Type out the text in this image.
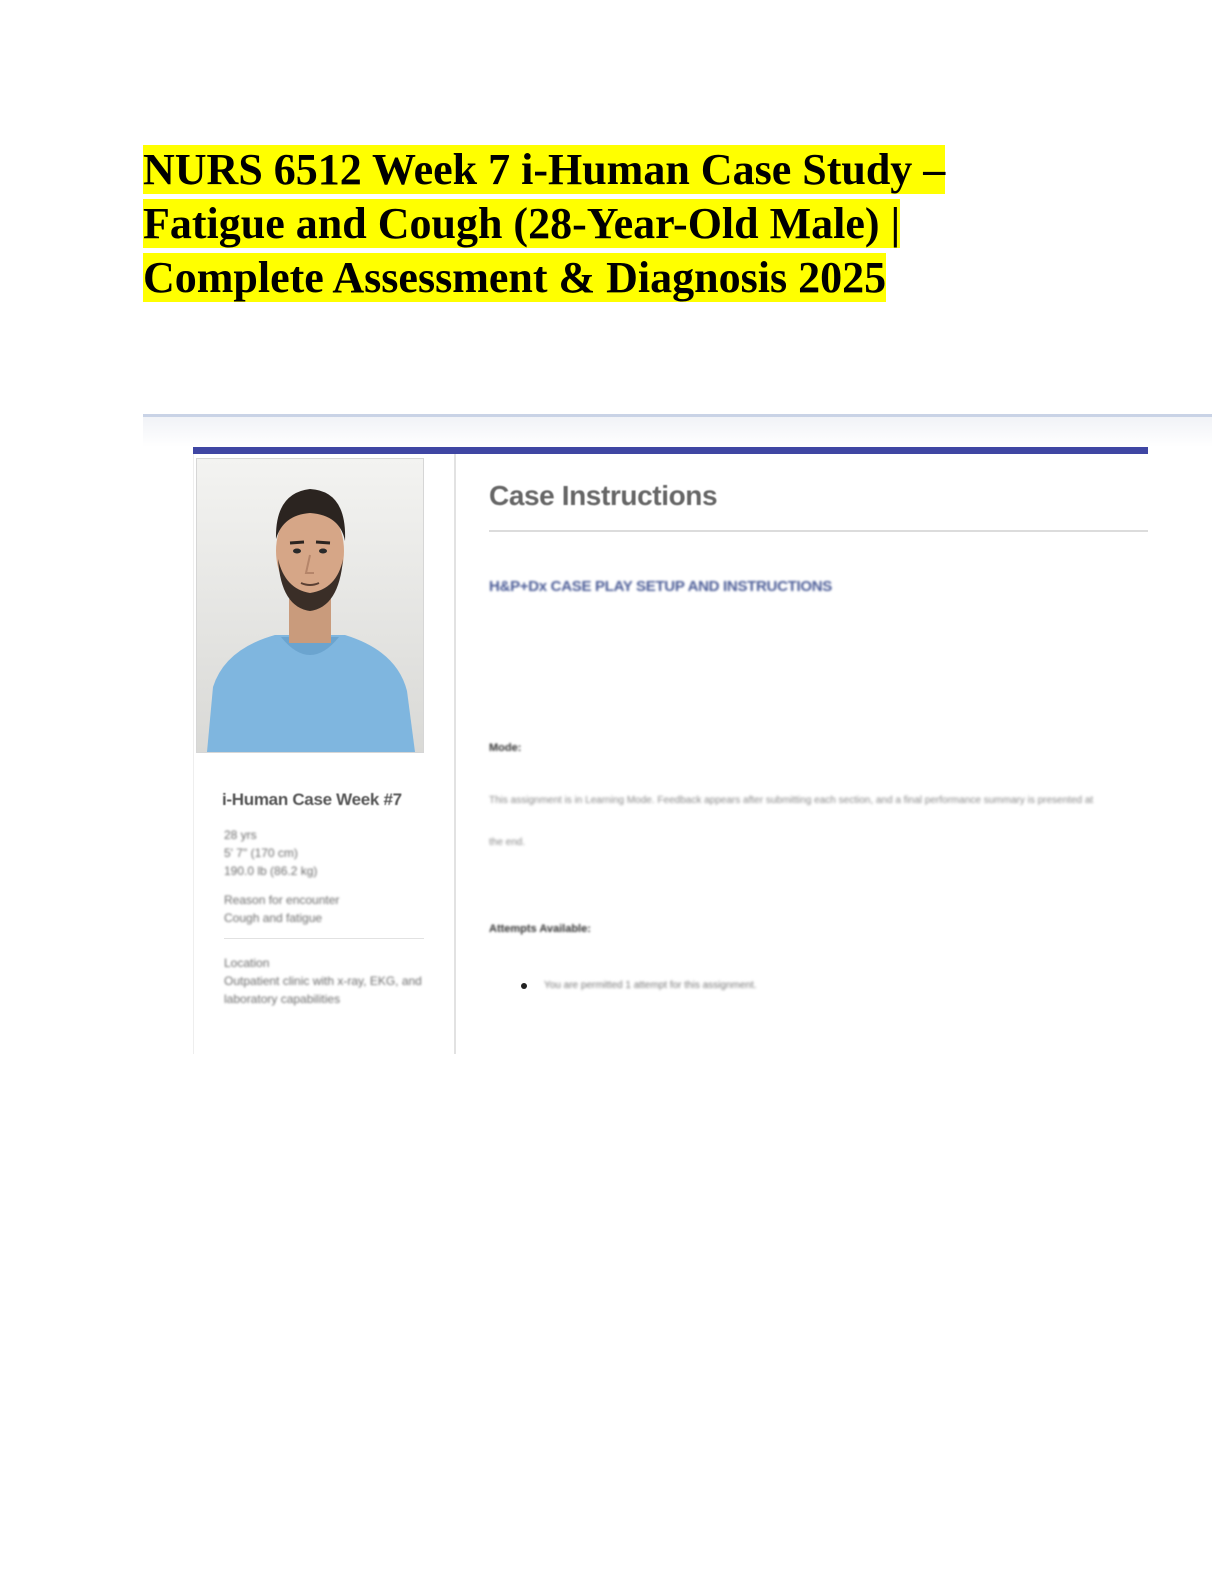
NURS 6512 Week 7 i-Human Case Study –
Fatigue and Cough (28-Year-Old Male) |
Complete Assessment & Diagnosis 2025
i-Human Case Week #7
28 yrs
5' 7" (170 cm)
190.0 lb (86.2 kg)
Reason for encounter
Cough and fatigue
Location
Outpatient clinic with x-ray, EKG, and
laboratory capabilities
Case Instructions
H&P+Dx CASE PLAY SETUP AND INSTRUCTIONS
Mode:
This assignment is in Learning Mode. Feedback appears after submitting each section, and a final performance summary is presented at
the end.
Attempts Available:
You are permitted 1 attempt for this assignment.
